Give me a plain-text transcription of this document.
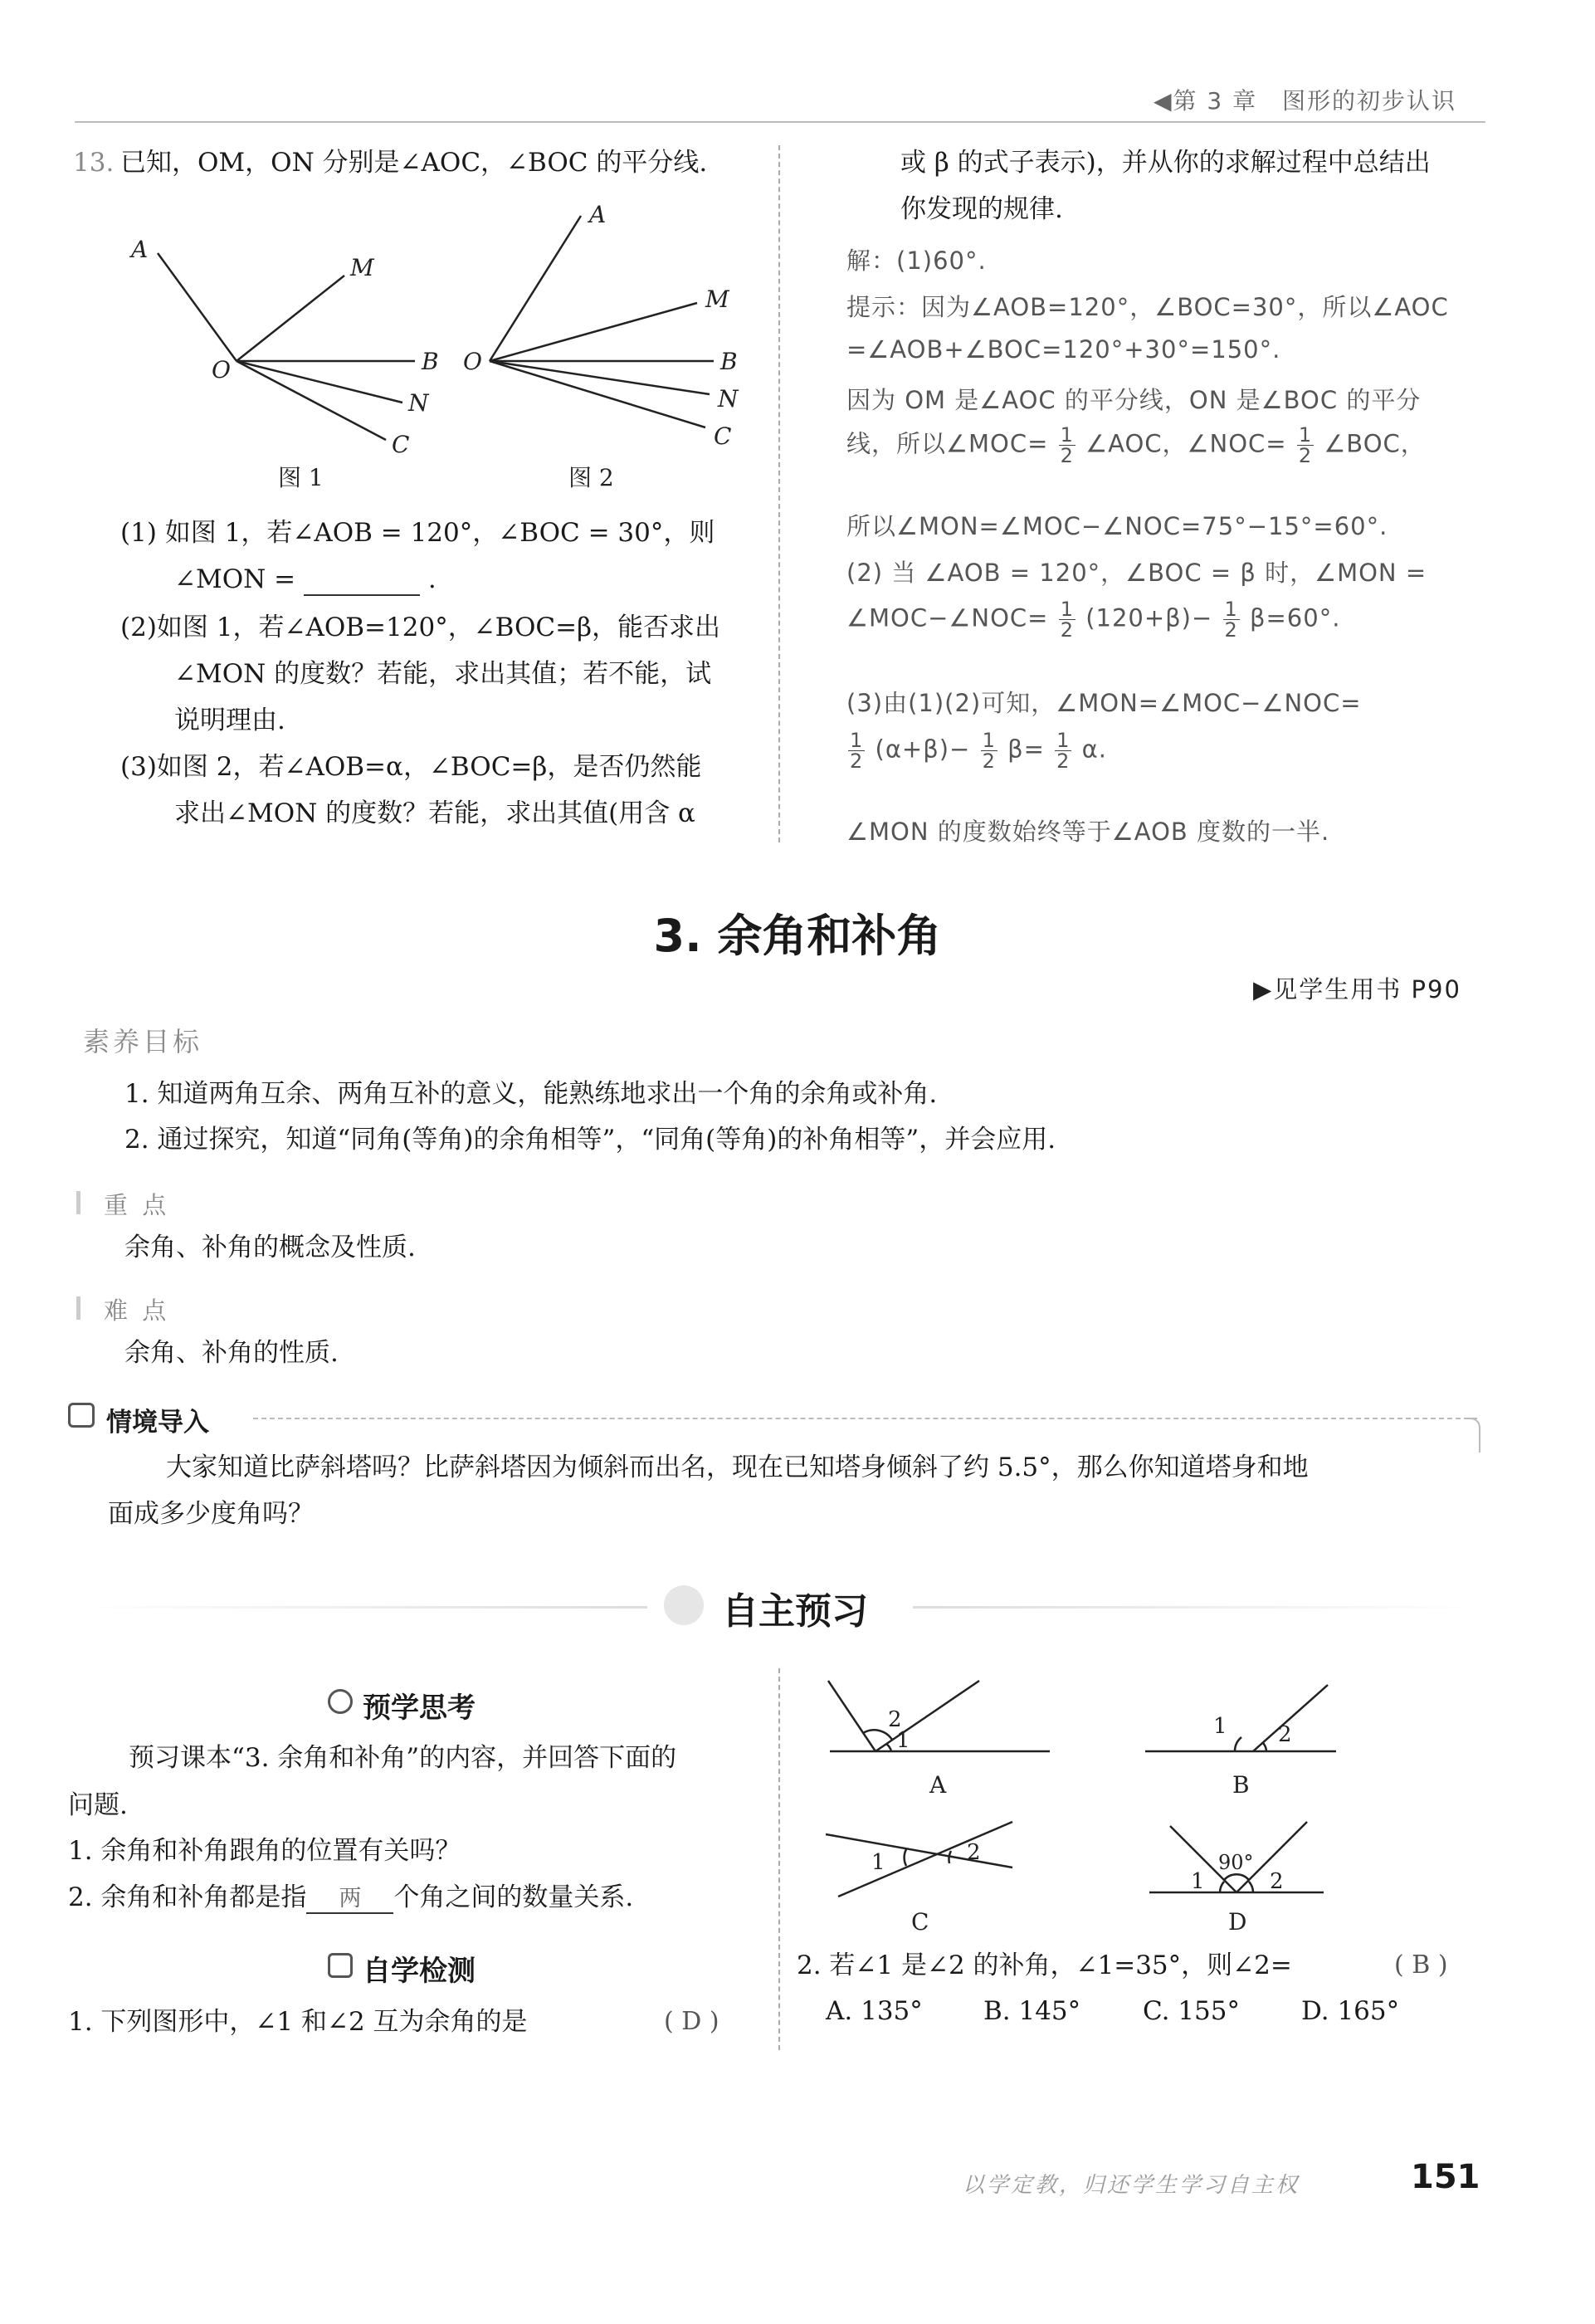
◀第 3 章 图形的初步认识
13. 已知，OM，ON 分别是∠AOC，∠BOC 的平分线.
A
M
O	B
N
C
图 1
A
M
O	B
N
C
图 2
(1) 如图 1，若∠AOB = 120°，∠BOC = 30°，则
∠MON =	.
(2)如图 1，若∠AOB=120°，∠BOC=β，能否求出
∠MON 的度数？若能，求出其值；若不能，试
说明理由.
(3)如图 2，若∠AOB=α，∠BOC=β，是否仍然能
求出∠MON 的度数？若能，求出其值(用含 α
或 β 的式子表示)，并从你的求解过程中总结出
你发现的规律.
解：(1)60°.
提示：因为∠AOB=120°，∠BOC=30°，所以∠AOC
=∠AOB+∠BOC=120°+30°=150°.
因为 OM 是∠AOC 的平分线，ON 是∠BOC 的平分
线，所以∠MOC= $\frac{1}{2}$ ∠AOC，∠NOC= $\frac{1}{2}$ ∠BOC，
所以∠MON=∠MOC−∠NOC=75°−15°=60°.
(2) 当 ∠AOB = 120°，∠BOC = β 时，∠MON =
∠MOC−∠NOC= $\frac{1}{2} (120+\beta)- \frac{1}{2} \beta=60^\circ$.
(3)由(1)(2)可知，∠MON=∠MOC−∠NOC=
$\frac{1}{2} (\alpha+\beta)- \frac{1}{2} \beta= \frac{1}{2} \alpha$.
∠MON 的度数始终等于∠AOB 度数的一半.
3. 余角和补角
▶见学生用书 P90
素养目标
1. 知道两角互余、两角互补的意义，能熟练地求出一个角的余角或补角.
2. 通过探究，知道“同角(等角)的余角相等”，“同角(等角)的补角相等”，并会应用.
重 点
余角、补角的概念及性质.
难 点
余角、补角的性质.
情境导入
大家知道比萨斜塔吗？比萨斜塔因为倾斜而出名，现在已知塔身倾斜了约 5.5°，那么你知道塔身和地
面成多少度角吗？
自主预习
预学思考
预习课本“3. 余角和补角”的内容，并回答下面的
问题.
1. 余角和补角跟角的位置有关吗？
2. 余角和补角都是指 两 个角之间的数量关系.
自学检测
1. 下列图形中，∠1 和∠2 互为余角的是	( D )
2
1
A
1 2
B
1	2
C
90°
1	2
D
2. 若∠1 是∠2 的补角，∠1=35°，则∠2=	( B )
A. 135° B. 145° C. 155° D. 165°
以学定教，归还学生学习自主权	151
